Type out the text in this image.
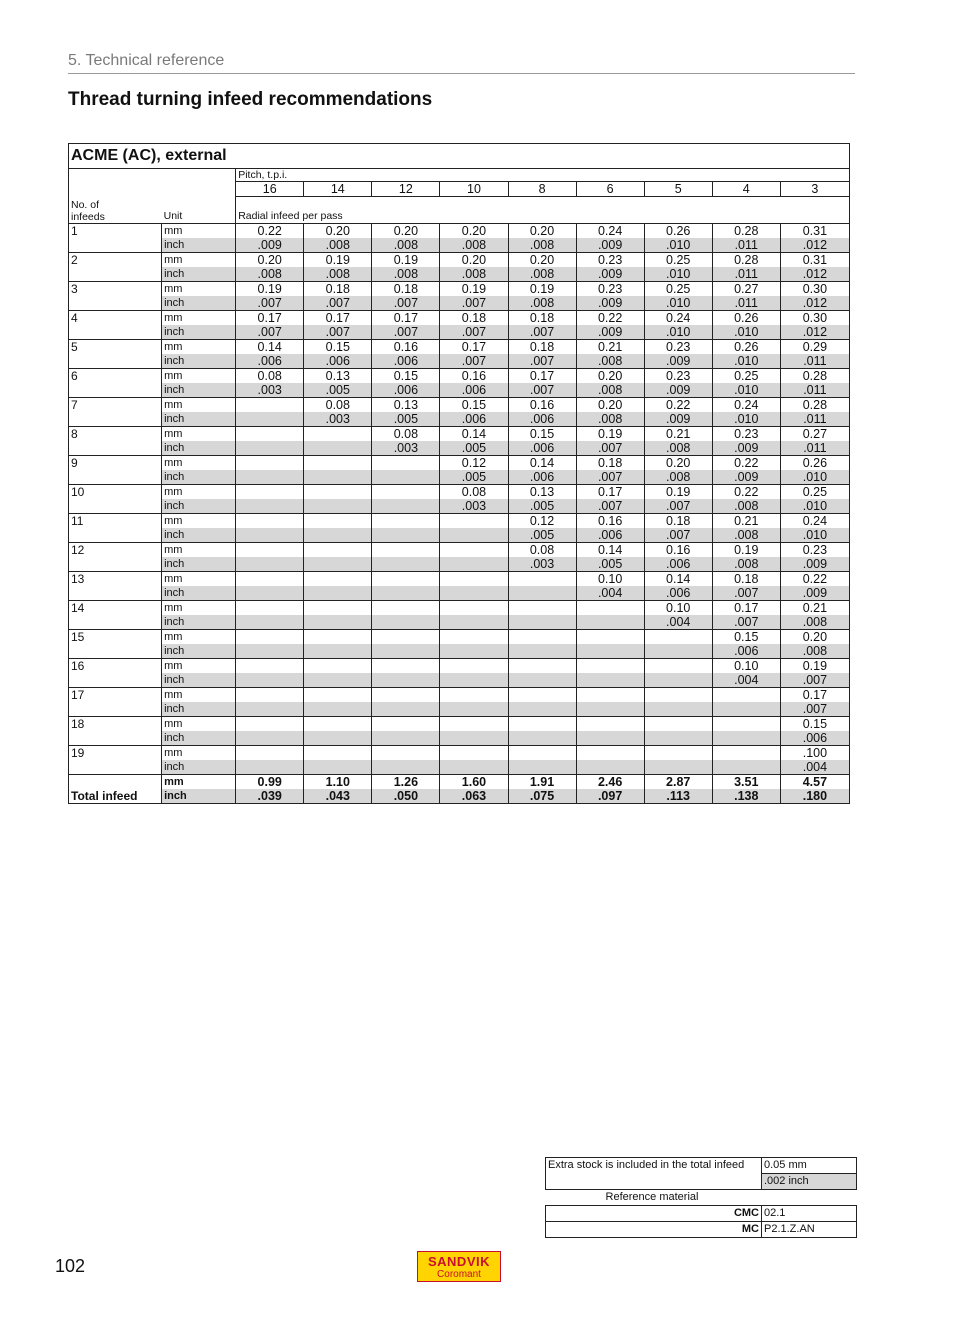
5. Technical reference
Thread turning infeed recommendations
ACME (AC), external										
		Pitch, t.p.i.								
		16	14	12	10	8	6	5	4	3
No. of
infeeds	Unit	Radial infeed per pass								
1	mm	0.22	0.20	0.20	0.20	0.20	0.24	0.26	0.28	0.31
	inch	.009	.008	.008	.008	.008	.009	.010	.011	.012
2	mm	0.20	0.19	0.19	0.20	0.20	0.23	0.25	0.28	0.31
	inch	.008	.008	.008	.008	.008	.009	.010	.011	.012
3	mm	0.19	0.18	0.18	0.19	0.19	0.23	0.25	0.27	0.30
	inch	.007	.007	.007	.007	.008	.009	.010	.011	.012
4	mm	0.17	0.17	0.17	0.18	0.18	0.22	0.24	0.26	0.30
	inch	.007	.007	.007	.007	.007	.009	.010	.010	.012
5	mm	0.14	0.15	0.16	0.17	0.18	0.21	0.23	0.26	0.29
	inch	.006	.006	.006	.007	.007	.008	.009	.010	.011
6	mm	0.08	0.13	0.15	0.16	0.17	0.20	0.23	0.25	0.28
	inch	.003	.005	.006	.006	.007	.008	.009	.010	.011
7	mm		0.08	0.13	0.15	0.16	0.20	0.22	0.24	0.28
	inch		.003	.005	.006	.006	.008	.009	.010	.011
8	mm			0.08	0.14	0.15	0.19	0.21	0.23	0.27
	inch			.003	.005	.006	.007	.008	.009	.011
9	mm				0.12	0.14	0.18	0.20	0.22	0.26
	inch				.005	.006	.007	.008	.009	.010
10	mm				0.08	0.13	0.17	0.19	0.22	0.25
	inch				.003	.005	.007	.007	.008	.010
11	mm					0.12	0.16	0.18	0.21	0.24
	inch					.005	.006	.007	.008	.010
12	mm					0.08	0.14	0.16	0.19	0.23
	inch					.003	.005	.006	.008	.009
13	mm						0.10	0.14	0.18	0.22
	inch						.004	.006	.007	.009
14	mm							0.10	0.17	0.21
	inch							.004	.007	.008
15	mm								0.15	0.20
	inch								.006	.008
16	mm								0.10	0.19
	inch								.004	.007
17	mm									0.17
	inch									.007
18	mm									0.15
	inch									.006
19	mm									.100
	inch									.004
Total infeed	mm	0.99	1.10	1.26	1.60	1.91	2.46	2.87	3.51	4.57
	inch	.039	.043	.050	.063	.075	.097	.113	.138	.180
Extra stock is included in the total infeed	0.05 mm
	.002 inch
Reference material	
CMC	02.1
MC	P2.1.Z.AN
102	SANDVIK
Coromant
